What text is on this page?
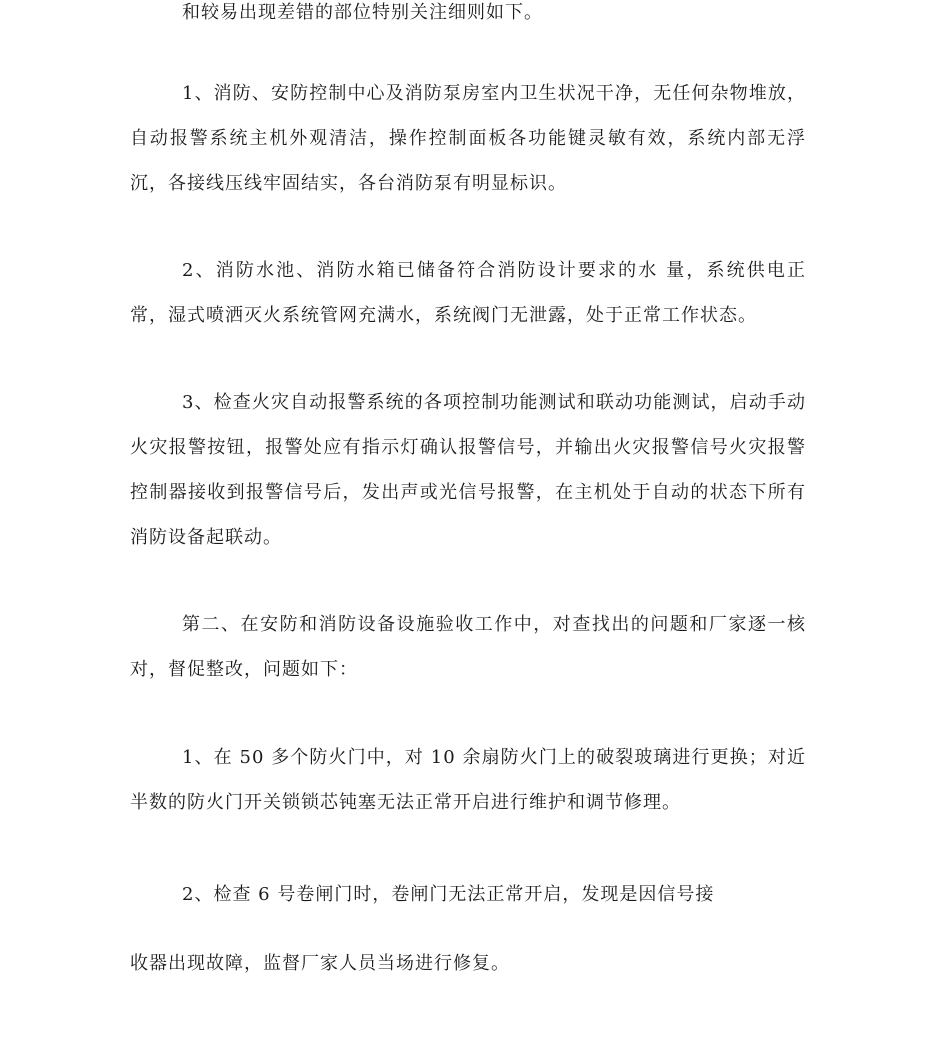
和较易出现差错的部位特别关注细则如下。

1、消防、安防控制中心及消防泵房室内卫生状况干净，无任何杂物堆放，自动报警系统主机外观清洁，操作控制面板各功能键灵敏有效，系统内部无浮沉，各接线压线牢固结实，各台消防泵有明显标识。

2、消防水池、消防水箱已储备符合消防设计要求的水 量，系统供电正常，湿式喷洒灭火系统管网充满水，系统阀门无泄露，处于正常工作状态。

3、检查火灾自动报警系统的各项控制功能测试和联动功能测试，启动手动火灾报警按钮，报警处应有指示灯确认报警信号，并输出火灾报警信号火灾报警控制器接收到报警信号后，发出声或光信号报警，在主机处于自动的状态下所有消防设备起联动。

第二、在安防和消防设备设施验收工作中，对查找出的问题和厂家逐一核对，督促整改，问题如下：

1、在 50 多个防火门中，对 10 余扇防火门上的破裂玻璃进行更换；对近半数的防火门开关锁锁芯钝塞无法正常开启进行维护和调节修理。

2、检查 6 号卷闸门时，卷闸门无法正常开启，发现是因信号接

收器出现故障，监督厂家人员当场进行修复。
